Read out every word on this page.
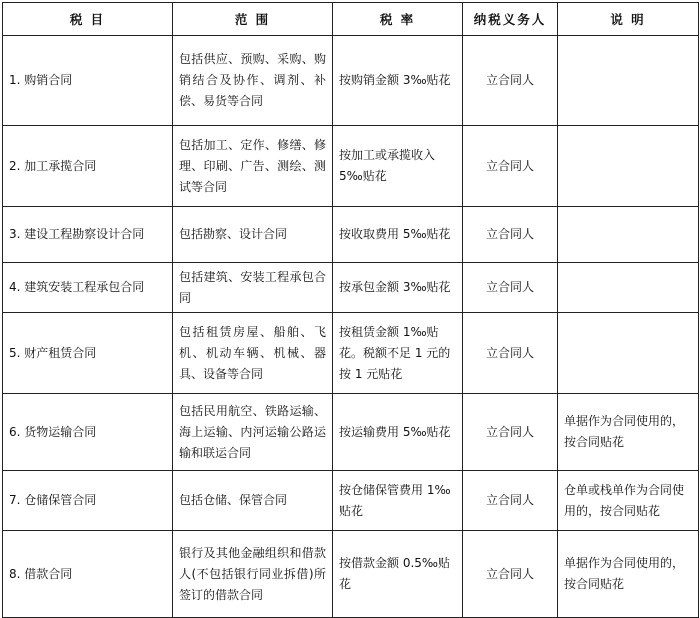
税 目	范 围	税 率	纳税义务人	说 明
1. 购销合同	包括供应、预购、采购、购销结合及协作、调剂、补偿、易货等合同	按购销金额 3‰贴花	立合同人	
2. 加工承揽合同	包括加工、定作、修缮、修理、印刷、广告、测绘、测试等合同	按加工或承揽收入 5‰贴花	立合同人	
3. 建设工程勘察设计合同	包括勘察、设计合同	按收取费用 5‰贴花	立合同人	
4. 建筑安装工程承包合同	包括建筑、安装工程承包合同	按承包金额 3‰贴花	立合同人	
5. 财产租赁合同	包括租赁房屋、船舶、飞机、机动车辆、机械、器具、设备等合同	按租赁金额 1‰贴花。税额不足 1 元的按 1 元贴花	立合同人	
6. 货物运输合同	包括民用航空、铁路运输、海上运输、内河运输公路运输和联运合同	按运输费用 5‰贴花	立合同人	单据作为合同使用的，按合同贴花
7. 仓储保管合同	包括仓储、保管合同	按仓储保管费用 1‰贴花	立合同人	仓单或栈单作为合同使用的，按合同贴花
8. 借款合同	银行及其他金融组织和借款人(不包括银行同业拆借)所签订的借款合同	按借款金额 0.5‰贴花	立合同人	单据作为合同使用的，按合同贴花
